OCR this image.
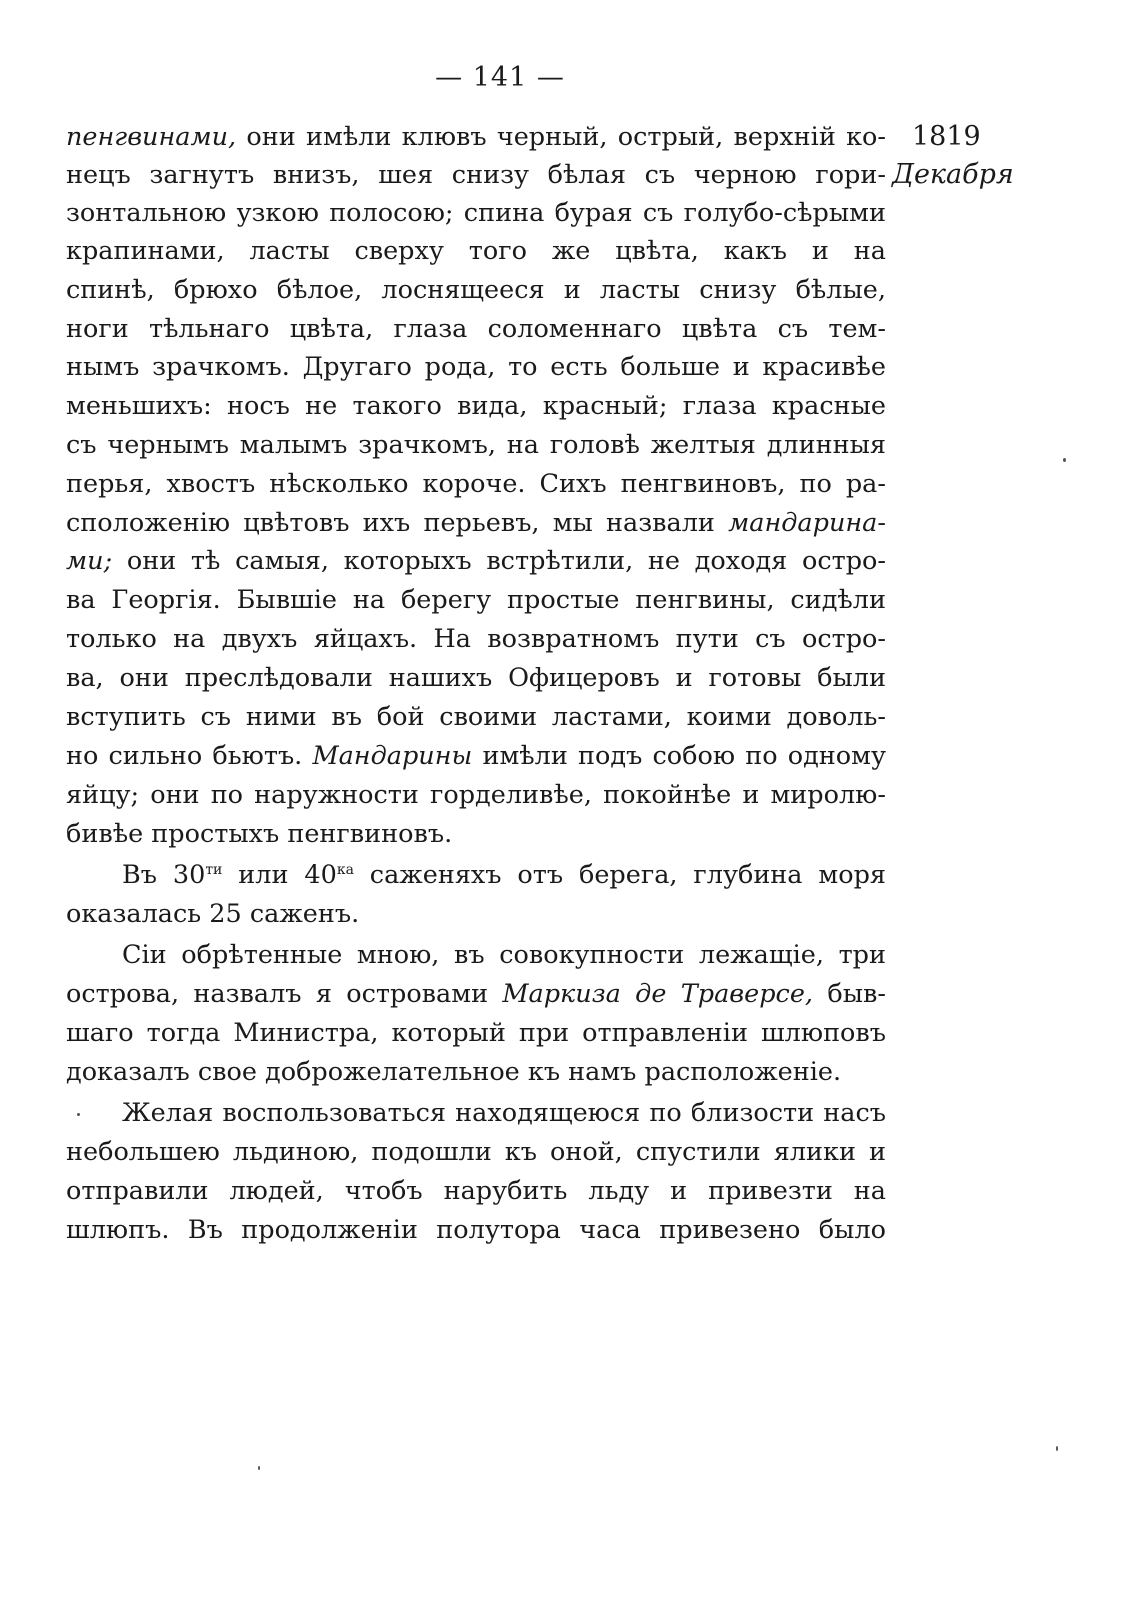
— 141 —
1819
Декабря
пенгвинами, они имѣли клювъ черный, острый, верхній ко-
нецъ загнутъ внизъ, шея снизу бѣлая съ черною гори-
зонтальною узкою полосою; спина бурая съ голубо-сѣрыми
крапинами, ласты сверху того же цвѣта, какъ и на
спинѣ, брюхо бѣлое, лоснящееся и ласты снизу бѣлые,
ноги тѣльнаго цвѣта, глаза соломеннаго цвѣта съ тем-
нымъ зрачкомъ. Другаго рода, то есть больше и красивѣе
меньшихъ: носъ не такого вида, красный; глаза красные
съ чернымъ малымъ зрачкомъ, на головѣ желтыя длинныя
перья, хвостъ нѣсколько короче. Сихъ пенгвиновъ, по ра-
сположенію цвѣтовъ ихъ перьевъ, мы назвали мандарина-
ми; они тѣ самыя, которыхъ встрѣтили, не доходя остро-
ва Георгія. Бывшіе на берегу простые пенгвины, сидѣли
только на двухъ яйцахъ. На возвратномъ пути съ остро-
ва, они преслѣдовали нашихъ Офицеровъ и готовы были
вступить съ ними въ бой своими ластами, коими доволь-
но сильно бьютъ. Мандарины имѣли подъ собою по одному
яйцу; они по наружности горделивѣе, покойнѣе и миролю-
бивѣе простыхъ пенгвиновъ.
Въ $30^{ти}$ или $40^{ка}$ саженяхъ отъ берега, глубина моря
оказалась 25 саженъ.
Сіи обрѣтенные мною, въ совокупности лежащіе, три
острова, назвалъ я островами Маркиза де Траверсе, быв-
шаго тогда Министра, который при отправленіи шлюповъ
доказалъ свое доброжелательное къ намъ расположеніе.
Желая воспользоваться находящеюся по близости насъ
небольшею льдиною, подошли къ оной, спустили ялики и
отправили людей, чтобъ нарубить льду и привезти на
шлюпъ. Въ продолженіи полутора часа привезено было
